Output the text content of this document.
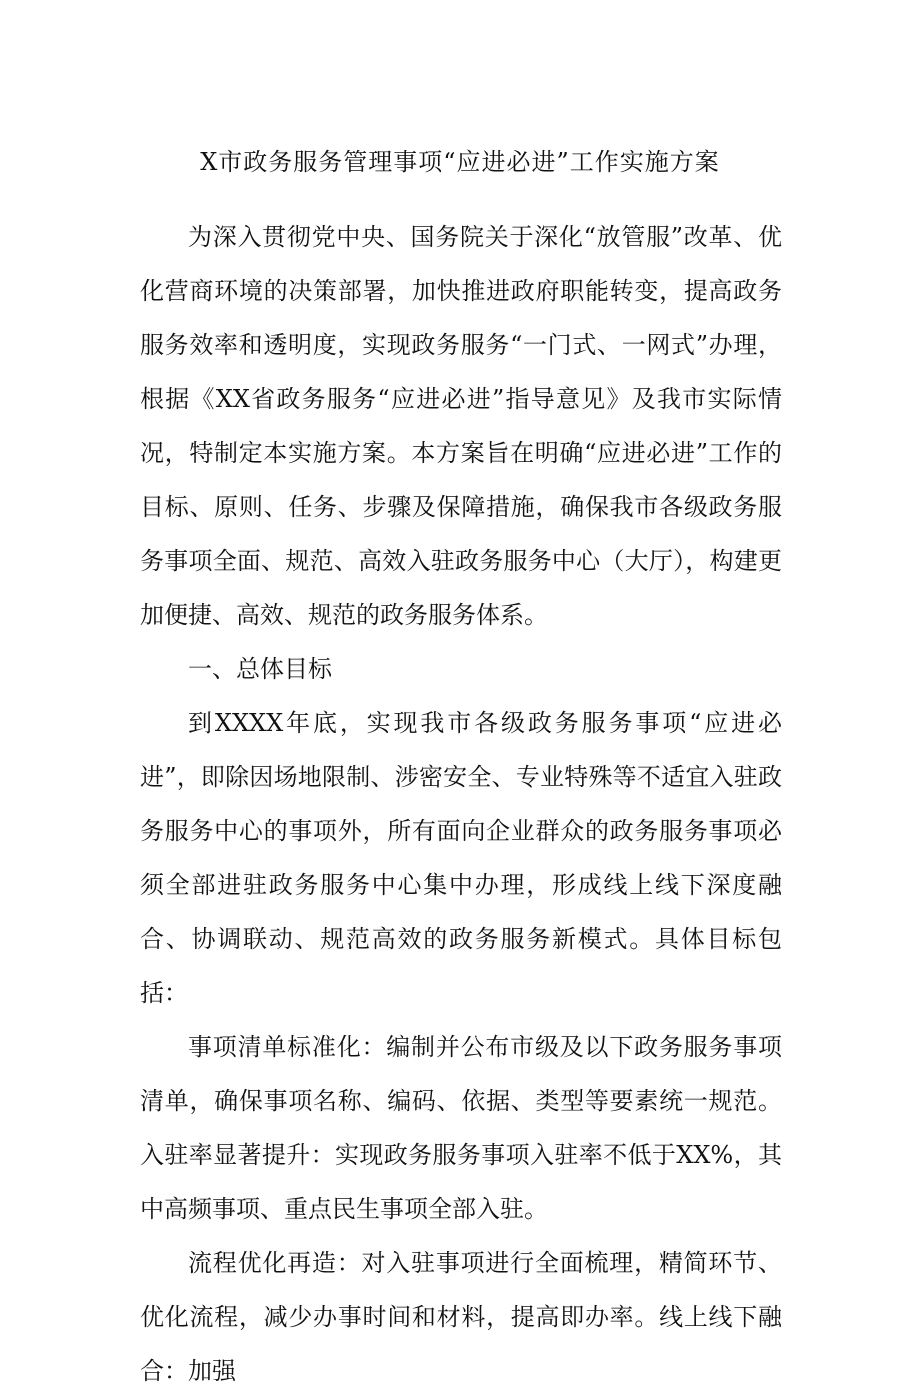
X市政务服务管理事项“应进必进”工作实施方案

为深入贯彻党中央、国务院关于深化“放管服”改革、优化营商环境的决策部署，加快推进政府职能转变，提高政务服务效率和透明度，实现政务服务“一门式、一网式”办理，根据《XX省政务服务“应进必进”指导意见》及我市实际情况，特制定本实施方案。本方案旨在明确“应进必进”工作的目标、原则、任务、步骤及保障措施，确保我市各级政务服务事项全面、规范、高效入驻政务服务中心（大厅），构建更加便捷、高效、规范的政务服务体系。

一、总体目标

到XXXX年底，实现我市各级政务服务事项“应进必进”，即除因场地限制、涉密安全、专业特殊等不适宜入驻政务服务中心的事项外，所有面向企业群众的政务服务事项必须全部进驻政务服务中心集中办理，形成线上线下深度融合、协调联动、规范高效的政务服务新模式。具体目标包括：

事项清单标准化：编制并公布市级及以下政务服务事项清单，确保事项名称、编码、依据、类型等要素统一规范。入驻率显著提升：实现政务服务事项入驻率不低于XX%，其中高频事项、重点民生事项全部入驻。

流程优化再造：对入驻事项进行全面梳理，精简环节、优化流程，减少办事时间和材料，提高即办率。线上线下融合：加强
